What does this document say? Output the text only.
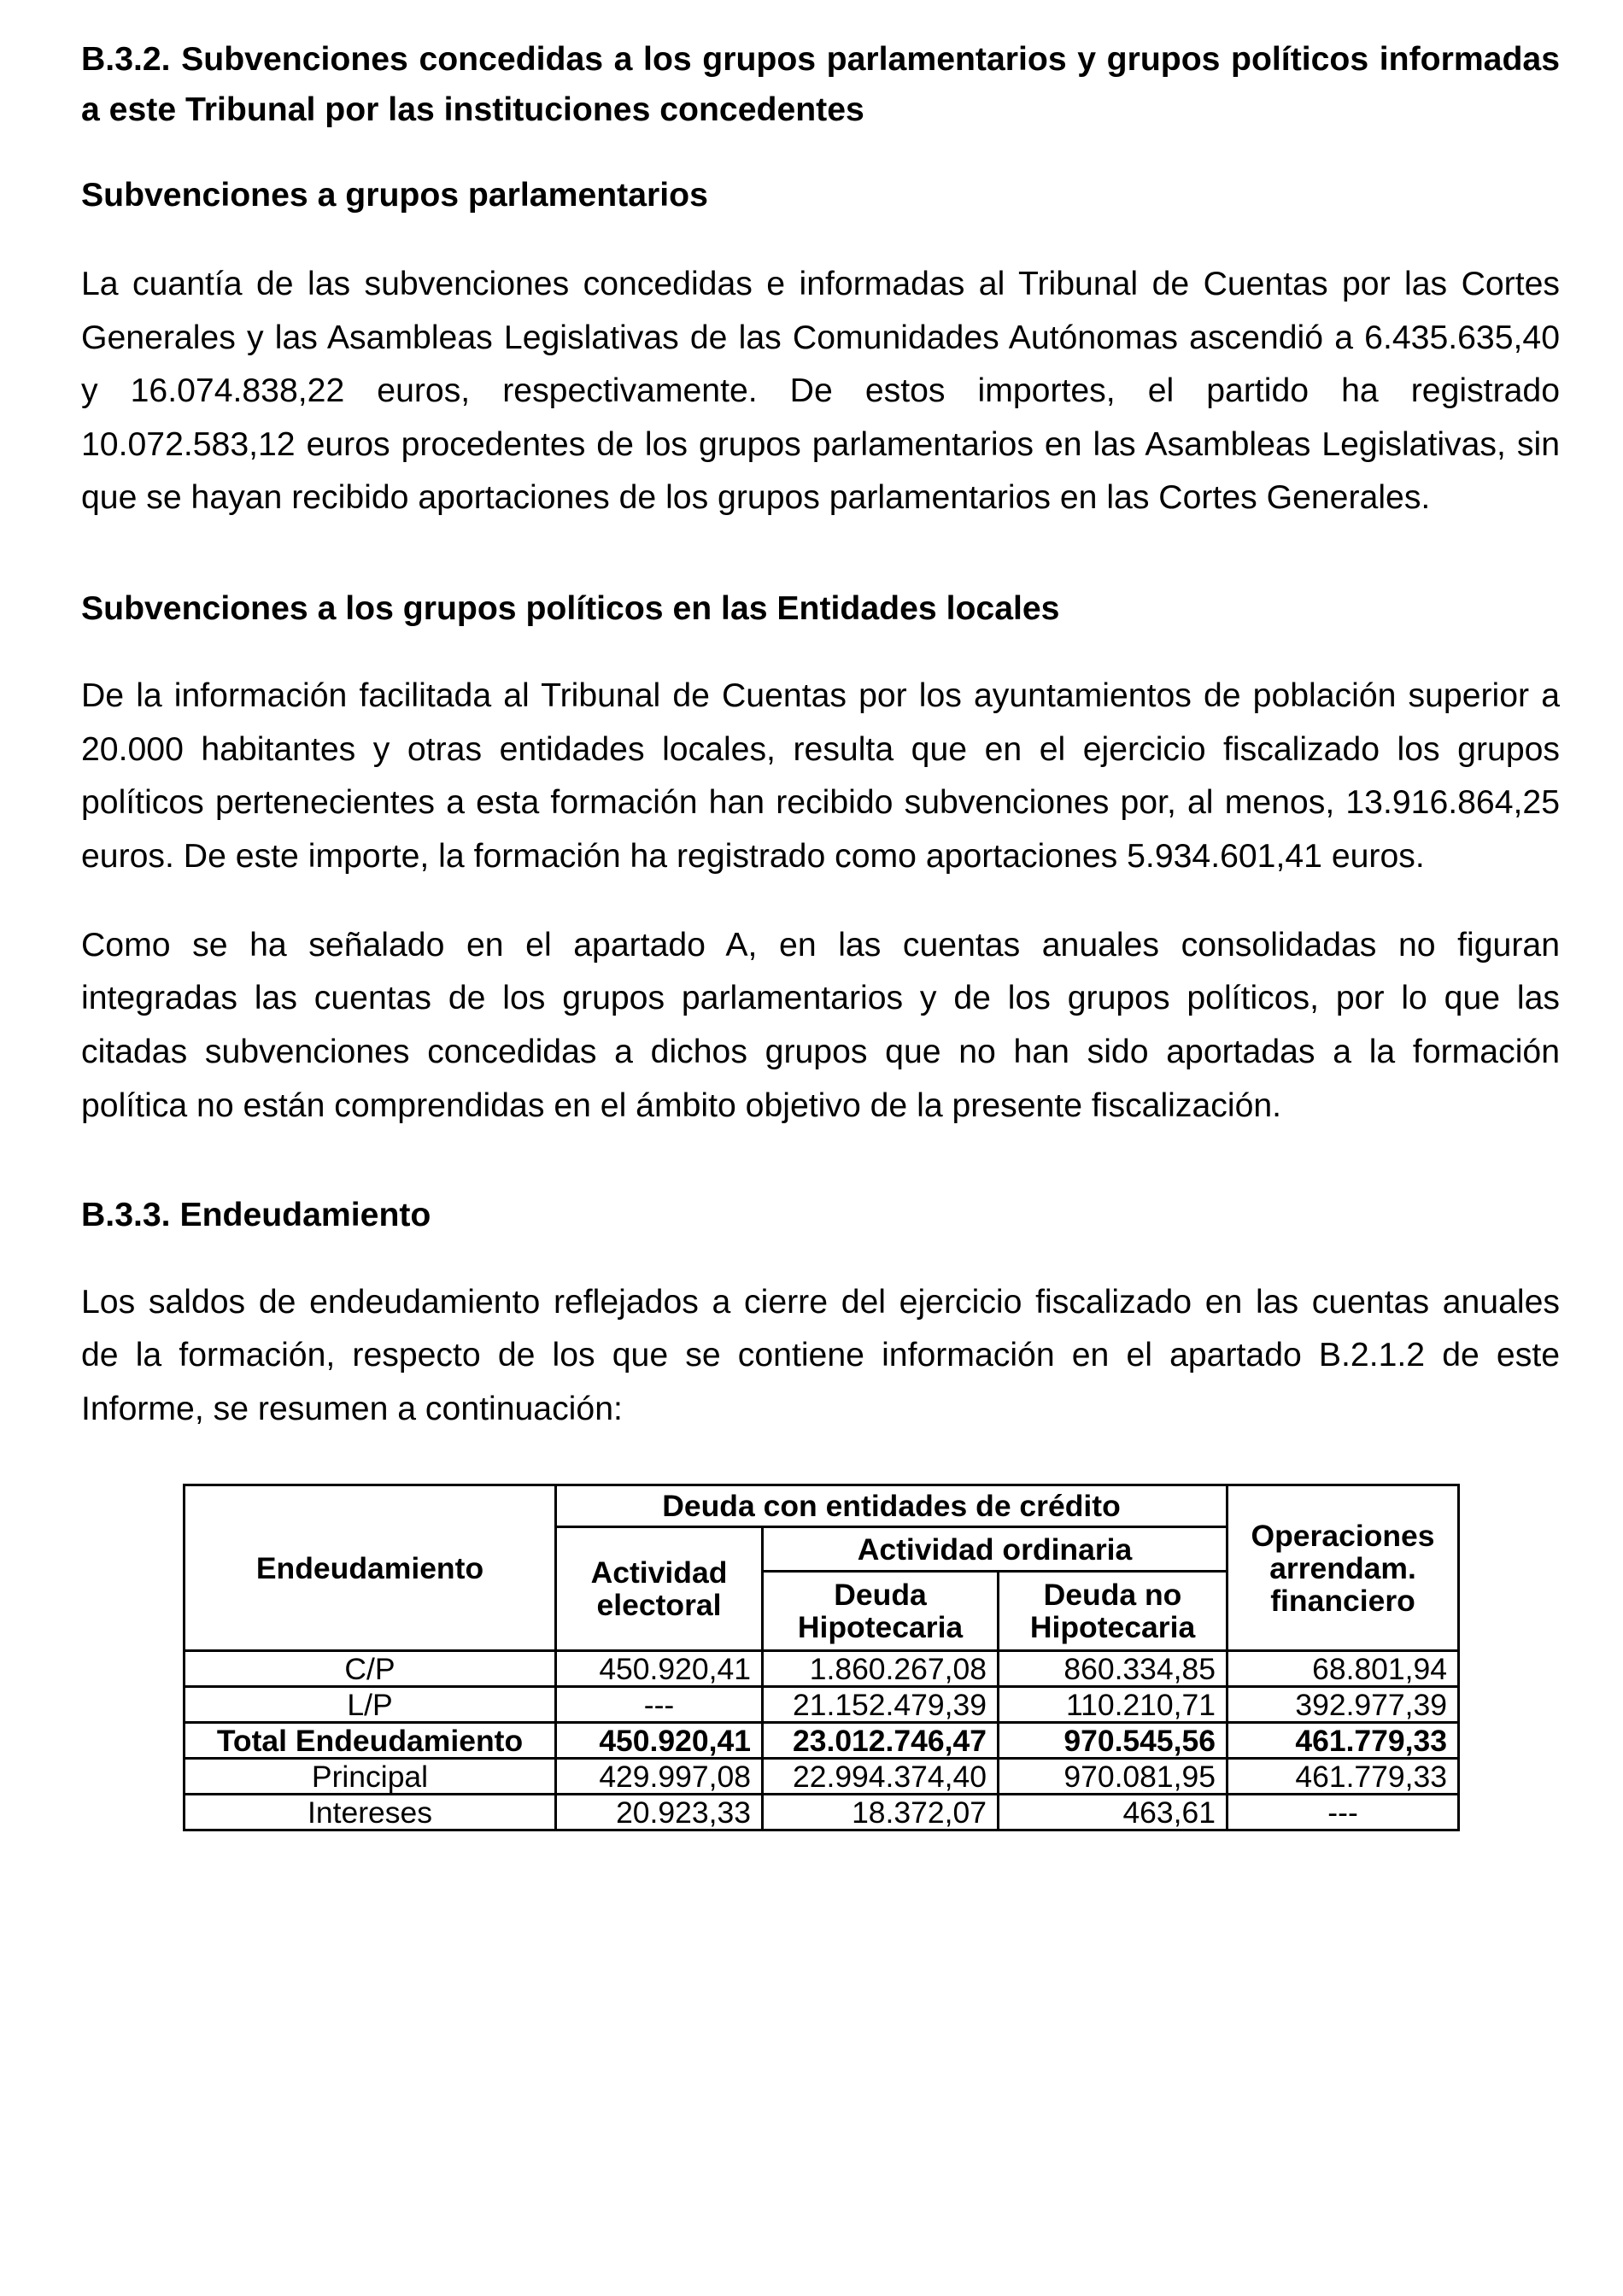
B.3.2. Subvenciones concedidas a los grupos parlamentarios y grupos políticos informadas
a este Tribunal por las instituciones concedentes
Subvenciones a grupos parlamentarios
La cuantía de las subvenciones concedidas e informadas al Tribunal de Cuentas por las Cortes
Generales y las Asambleas Legislativas de las Comunidades Autónomas ascendió a 6.435.635,40
y 16.074.838,22 euros, respectivamente. De estos importes, el partido ha registrado
10.072.583,12 euros procedentes de los grupos parlamentarios en las Asambleas Legislativas, sin
que se hayan recibido aportaciones de los grupos parlamentarios en las Cortes Generales.
Subvenciones a los grupos políticos en las Entidades locales
De la información facilitada al Tribunal de Cuentas por los ayuntamientos de población superior a
20.000 habitantes y otras entidades locales, resulta que en el ejercicio fiscalizado los grupos
políticos pertenecientes a esta formación han recibido subvenciones por, al menos, 13.916.864,25
euros. De este importe, la formación ha registrado como aportaciones 5.934.601,41 euros.
Como se ha señalado en el apartado A, en las cuentas anuales consolidadas no figuran
integradas las cuentas de los grupos parlamentarios y de los grupos políticos, por lo que las
citadas subvenciones concedidas a dichos grupos que no han sido aportadas a la formación
política no están comprendidas en el ámbito objetivo de la presente fiscalización.
B.3.3. Endeudamiento
Los saldos de endeudamiento reflejados a cierre del ejercicio fiscalizado en las cuentas anuales
de la formación, respecto de los que se contiene información en el apartado B.2.1.2 de este
Informe, se resumen a continuación:
Endeudamiento	Deuda con entidades de crédito			Operaciones arrendam. financiero
	Actividad electoral	Actividad ordinaria		
		Deuda Hipotecaria	Deuda no Hipotecaria	
C/P	450.920,41	1.860.267,08	860.334,85	68.801,94
L/P	---	21.152.479,39	110.210,71	392.977,39
Total Endeudamiento	450.920,41	23.012.746,47	970.545,56	461.779,33
Principal	429.997,08	22.994.374,40	970.081,95	461.779,33
Intereses	20.923,33	18.372,07	463,61	---
